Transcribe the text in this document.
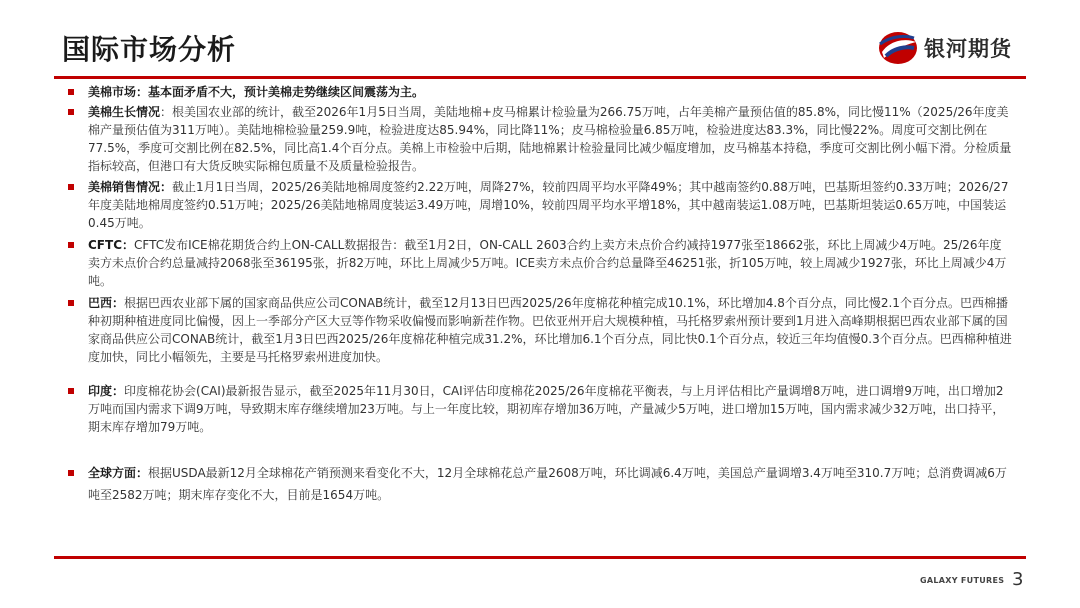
国际市场分析	银河期货

美棉市场：基本面矛盾不大，预计美棉走势继续区间震荡为主。

美棉生长情况：根美国农业部的统计，截至2026年1月5日当周，美陆地棉+皮马棉累计检验量为266.75万吨，占年美棉产量预估值的85.8%，同比慢11%（2025/26年度美棉产量预估值为311万吨）。美陆地棉检验量259.9吨，检验进度达85.94%，同比降11%；皮马棉检验量6.85万吨，检验进度达83.3%，同比慢22%。周度可交割比例在77.5%，季度可交割比例在82.5%，同比高1.4个百分点。美棉上市检验中后期，陆地棉累计检验量同比减少幅度增加，皮马棉基本持稳，季度可交割比例小幅下滑。分检质量指标较高，但港口有大货反映实际棉包质量不及质量检验报告。

美棉销售情况：截止1月1日当周，2025/26美陆地棉周度签约2.22万吨，周降27%，较前四周平均水平降49%；其中越南签约0.88万吨，巴基斯坦签约0.33万吨；2026/27年度美陆地棉周度签约0.51万吨；2025/26美陆地棉周度装运3.49万吨，周增10%，较前四周平均水平增18%，其中越南装运1.08万吨，巴基斯坦装运0.65万吨，中国装运0.45万吨。

CFTC：CFTC发布ICE棉花期货合约上ON-CALL数据报告：截至1月2日，ON-CALL 2603合约上卖方未点价合约减持1977张至18662张，环比上周减少4万吨。25/26年度卖方未点价合约总量减持2068张至36195张，折82万吨，环比上周减少5万吨。ICE卖方未点价合约总量降至46251张，折105万吨，较上周减少1927张，环比上周减少4万吨。

巴西：根据巴西农业部下属的国家商品供应公司CONAB统计，截至12月13日巴西2025/26年度棉花种植完成10.1%，环比增加4.8个百分点，同比慢2.1个百分点。巴西棉播种初期种植进度同比偏慢，因上一季部分产区大豆等作物采收偏慢而影响新茬作物。巴依亚州开启大规模种植，马托格罗索州预计要到1月进入高峰期根据巴西农业部下属的国家商品供应公司CONAB统计，截至1月3日巴西2025/26年度棉花种植完成31.2%，环比增加6.1个百分点，同比快0.1个百分点，较近三年均值慢0.3个百分点。巴西棉种植进度加快，同比小幅领先，主要是马托格罗索州进度加快。

印度：印度棉花协会(CAI)最新报告显示，截至2025年11月30日，CAI评估印度棉花2025/26年度棉花平衡表，与上月评估相比产量调增8万吨，进口调增9万吨，出口增加2万吨而国内需求下调9万吨，导致期末库存继续增加23万吨。与上一年度比较，期初库存增加36万吨，产量减少5万吨，进口增加15万吨，国内需求减少32万吨，出口持平，期末库存增加79万吨。

全球方面：根据USDA最新12月全球棉花产销预测来看变化不大，12月全球棉花总产量2608万吨，环比调减6.4万吨，美国总产量调增3.4万吨至310.7万吨；总消费调减6万吨至2582万吨；期末库存变化不大，目前是1654万吨。

GALAXY FUTURES 3
